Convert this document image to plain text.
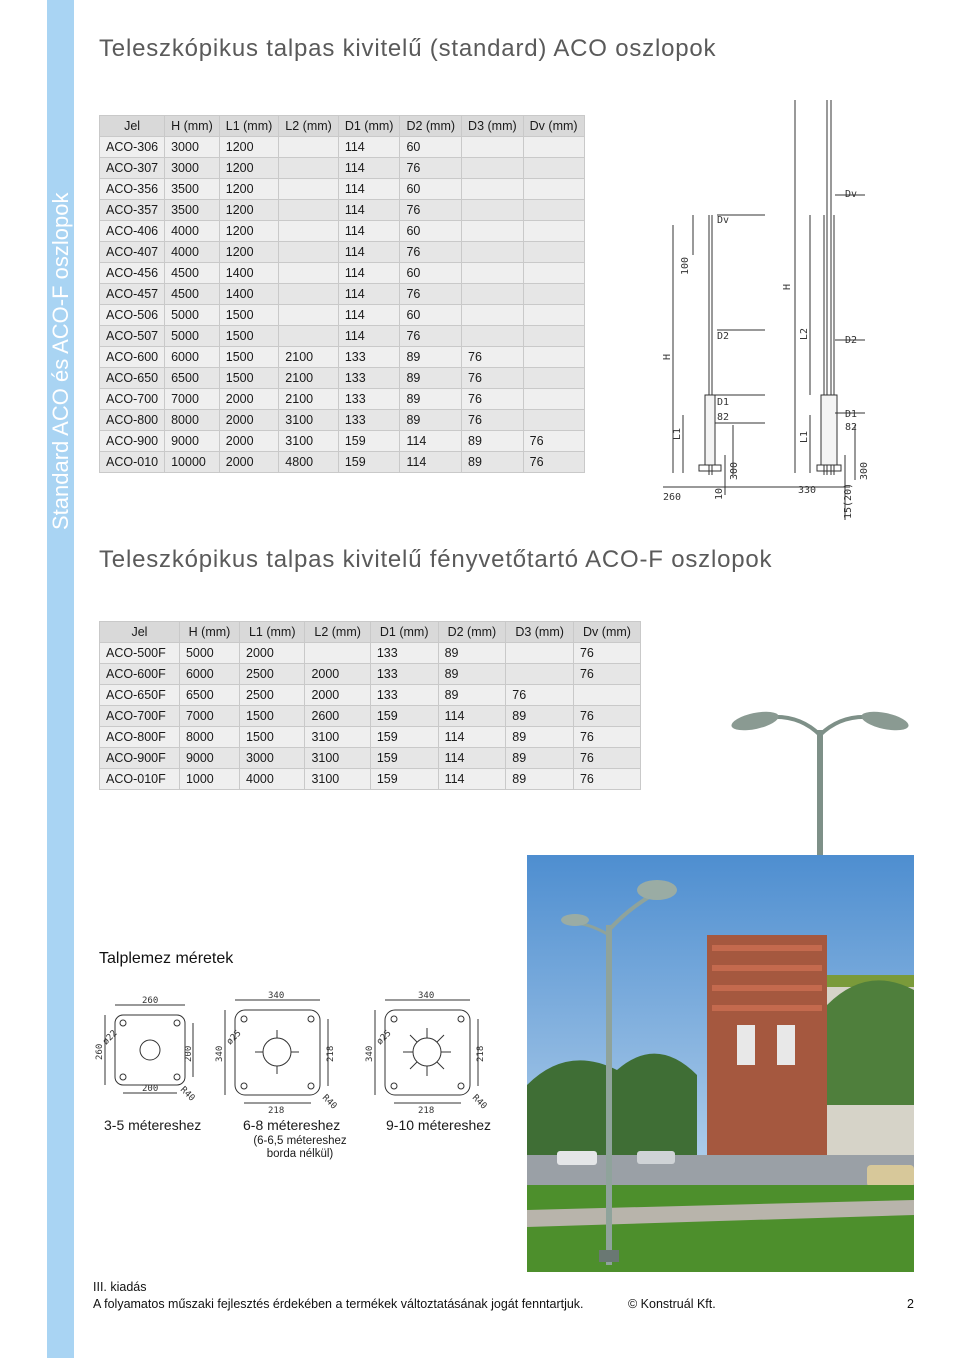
Standard ACO és ACO-F oszlopok
Teleszkópikus talpas kivitelű (standard) ACO oszlopok
Jel	H (mm)	L1 (mm)	L2 (mm)	D1 (mm)	D2 (mm)	D3 (mm)	Dv (mm)
ACO-306	3000	1200		114	60		
ACO-307	3000	1200		114	76		
ACO-356	3500	1200		114	60		
ACO-357	3500	1200		114	76		
ACO-406	4000	1200		114	60		
ACO-407	4000	1200		114	76		
ACO-456	4500	1400		114	60		
ACO-457	4500	1400		114	76		
ACO-506	5000	1500		114	60		
ACO-507	5000	1500		114	76		
ACO-600	6000	1500	2100	133	89	76	
ACO-650	6500	1500	2100	133	89	76	
ACO-700	7000	2000	2100	133	89	76	
ACO-800	8000	2000	3100	133	89	76	
ACO-900	9000	2000	3100	159	114	89	76
ACO-010	10000	2000	4800	159	114	89	76
100
Dv
H
D2
D1
82
L1
260	10
300
Dv
H
L2
D2
D1
82
L1
330	15(20)
300
Teleszkópikus talpas kivitelű fényvetőtartó ACO-F oszlopok
Jel	H (mm)	L1 (mm)	L2 (mm)	D1 (mm)	D2 (mm)	D3 (mm)	Dv (mm)
ACO-500F	5000	2000		133	89		76
ACO-600F	6000	2500	2000	133	89		76
ACO-650F	6500	2500	2000	133	89	76	
ACO-700F	7000	1500	2600	159	114	89	76
ACO-800F	8000	1500	3100	159	114	89	76
ACO-900F	9000	3000	3100	159	114	89	76
ACO-010F	1000	4000	3100	159	114	89	76
Talplemez méretek
260
260	200
200
ø22
R40
340
340	218
218
ø25
R40
340
340	218
218
ø25
R40
3-5 métereshez	6-8 métereshez	9-10 métereshez
(6-6,5 métereshez borda nélkül)
III. kiadás
A folyamatos műszaki fejlesztés érdekében a termékek változtatásának jogát fenntartjuk.	© Konstruál Kft.	2
